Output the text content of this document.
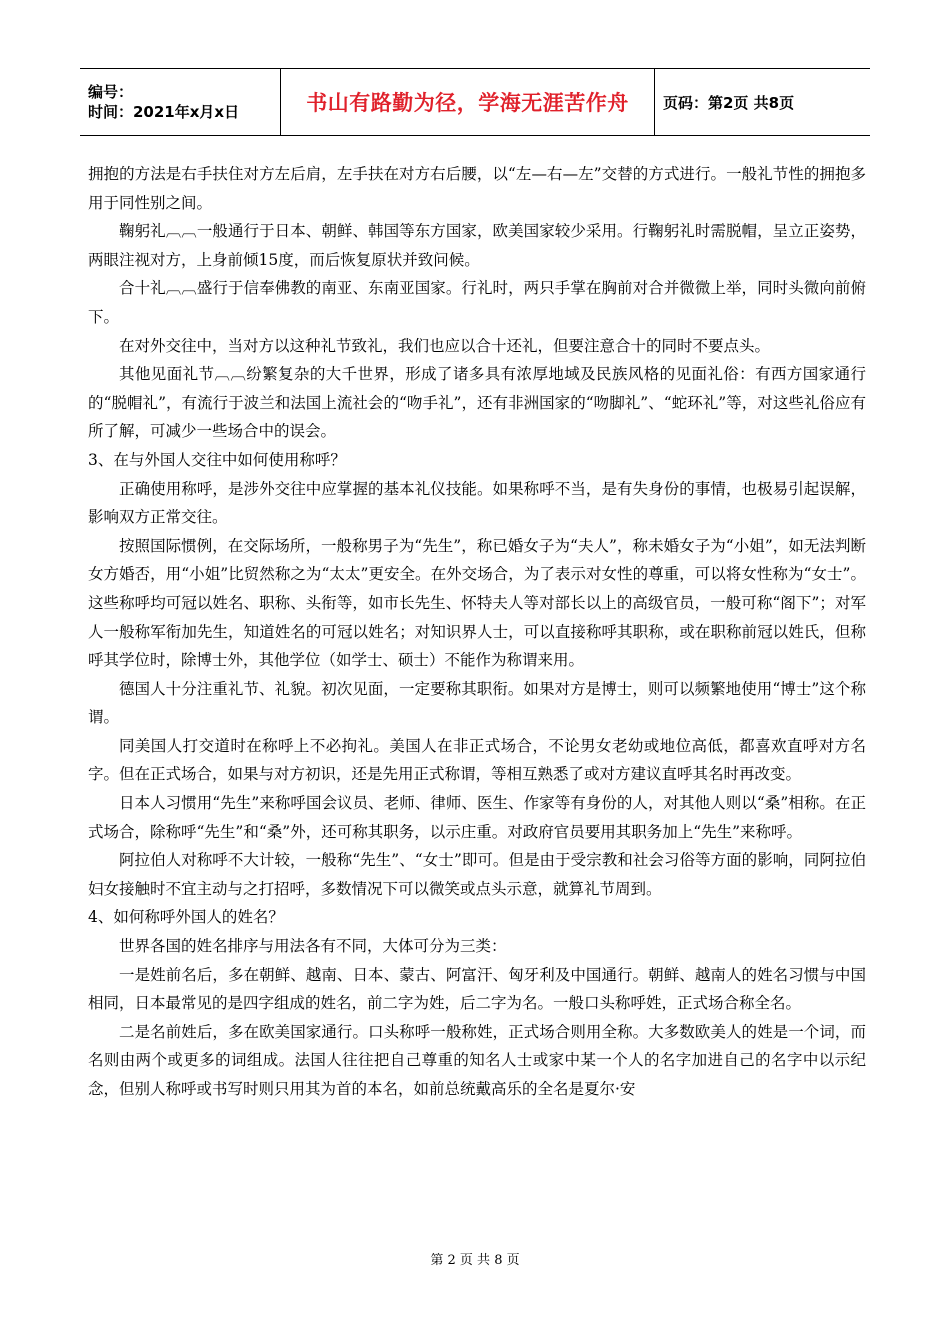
编号：
时间：2021年x月x日	书山有路勤为径，学海无涯苦作舟 页码：第2页 共8页

拥抱的方法是右手扶住对方左后肩，左手扶在对方右后腰，以“左—右—左”交替的方式进行。一般礼节性的拥抱多用于同性别之间。

鞠躬礼︹︹一般通行于日本、朝鲜、韩国等东方国家，欧美国家较少采用。行鞠躬礼时需脱帽，呈立正姿势，两眼注视对方，上身前倾15度，而后恢复原状并致问候。

合十礼︹︹盛行于信奉佛教的南亚、东南亚国家。行礼时，两只手掌在胸前对合并微微上举，同时头微向前俯下。

在对外交往中，当对方以这种礼节致礼，我们也应以合十还礼，但要注意合十的同时不要点头。

其他见面礼节︹︹纷繁复杂的大千世界，形成了诸多具有浓厚地域及民族风格的见面礼俗：有西方国家通行的“脱帽礼”，有流行于波兰和法国上流社会的“吻手礼”，还有非洲国家的“吻脚礼”、“蛇环礼”等，对这些礼俗应有所了解，可减少一些场合中的误会。

3、在与外国人交往中如何使用称呼？

正确使用称呼，是涉外交往中应掌握的基本礼仪技能。如果称呼不当，是有失身份的事情，也极易引起误解，影响双方正常交往。

按照国际惯例，在交际场所，一般称男子为“先生”，称已婚女子为“夫人”，称未婚女子为“小姐”，如无法判断女方婚否，用“小姐”比贸然称之为“太太”更安全。在外交场合，为了表示对女性的尊重，可以将女性称为“女士”。这些称呼均可冠以姓名、职称、头衔等，如市长先生、怀特夫人等对部长以上的高级官员，一般可称“阁下”；对军人一般称军衔加先生，知道姓名的可冠以姓名；对知识界人士，可以直接称呼其职称，或在职称前冠以姓氏，但称呼其学位时，除博士外，其他学位（如学士、硕士）不能作为称谓来用。

德国人十分注重礼节、礼貌。初次见面，一定要称其职衔。如果对方是博士，则可以频繁地使用“博士”这个称谓。

同美国人打交道时在称呼上不必拘礼。美国人在非正式场合，不论男女老幼或地位高低，都喜欢直呼对方名字。但在正式场合，如果与对方初识，还是先用正式称谓，等相互熟悉了或对方建议直呼其名时再改变。

日本人习惯用“先生”来称呼国会议员、老师、律师、医生、作家等有身份的人，对其他人则以“桑”相称。在正式场合，除称呼“先生”和“桑”外，还可称其职务，以示庄重。对政府官员要用其职务加上“先生”来称呼。

阿拉伯人对称呼不大计较，一般称“先生”、“女士”即可。但是由于受宗教和社会习俗等方面的影响，同阿拉伯妇女接触时不宜主动与之打招呼，多数情况下可以微笑或点头示意，就算礼节周到。

4、如何称呼外国人的姓名？

世界各国的姓名排序与用法各有不同，大体可分为三类：

一是姓前名后，多在朝鲜、越南、日本、蒙古、阿富汗、匈牙利及中国通行。朝鲜、越南人的姓名习惯与中国相同，日本最常见的是四字组成的姓名，前二字为姓，后二字为名。一般口头称呼姓，正式场合称全名。

二是名前姓后，多在欧美国家通行。口头称呼一般称姓，正式场合则用全称。大多数欧美人的姓是一个词，而名则由两个或更多的词组成。法国人往往把自己尊重的知名人士或家中某一个人的名字加进自己的名字中以示纪念，但别人称呼或书写时则只用其为首的本名，如前总统戴高乐的全名是夏尔·安

第 2 页 共 8 页
